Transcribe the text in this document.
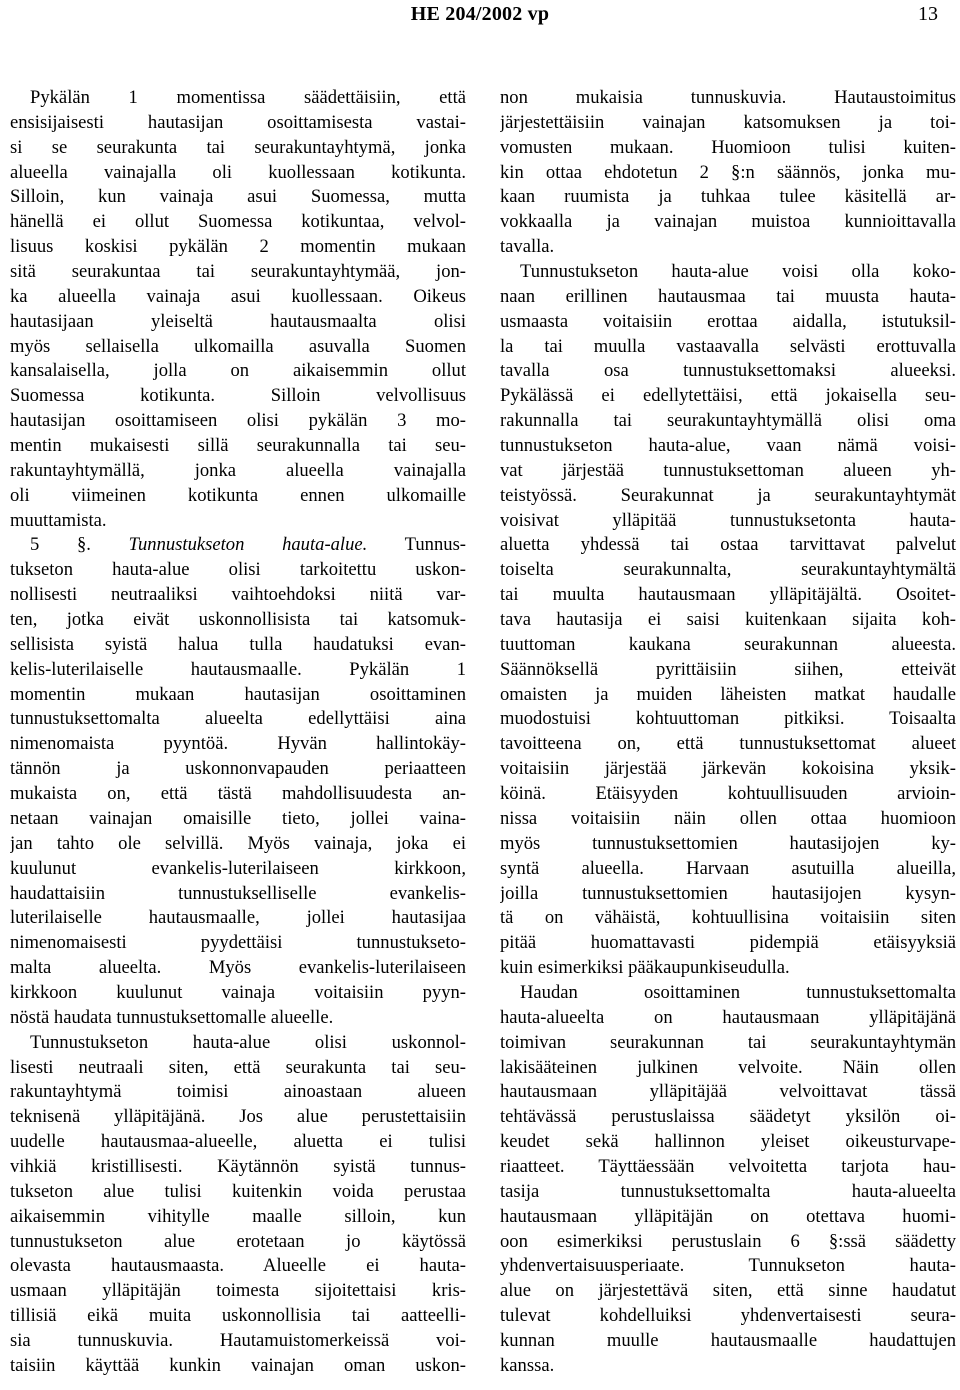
HE 204/2002 vp	13
Pykälän 1 momentissa säädettäisiin, että
ensisijaisesti hautasijan osoittamisesta vastai-
si se seurakunta tai seurakuntayhtymä, jonka
alueella vainajalla oli kuollessaan kotikunta.
Silloin, kun vainaja asui Suomessa, mutta
hänellä ei ollut Suomessa kotikuntaa, velvol-
lisuus koskisi pykälän 2 momentin mukaan
sitä seurakuntaa tai seurakuntayhtymää, jon-
ka alueella vainaja asui kuollessaan. Oikeus
hautasijaan yleiseltä hautausmaalta olisi
myös sellaisella ulkomailla asuvalla Suomen
kansalaisella, jolla on aikaisemmin ollut
Suomessa kotikunta. Silloin velvollisuus
hautasijan osoittamiseen olisi pykälän 3 mo-
mentin mukaisesti sillä seurakunnalla tai seu-
rakuntayhtymällä, jonka alueella vainajalla
oli viimeinen kotikunta ennen ulkomaille
muuttamista.
5 §. Tunnustukseton hauta-alue. Tunnus-
tukseton hauta-alue olisi tarkoitettu uskon-
nollisesti neutraaliksi vaihtoehdoksi niitä var-
ten, jotka eivät uskonnollisista tai katsomuk-
sellisista syistä halua tulla haudatuksi evan-
kelis-luterilaiselle hautausmaalle. Pykälän 1
momentin mukaan hautasijan osoittaminen
tunnustuksettomalta alueelta edellyttäisi aina
nimenomaista pyyntöä. Hyvän hallintokäy-
tännön ja uskonnonvapauden periaatteen
mukaista on, että tästä mahdollisuudesta an-
netaan vainajan omaisille tieto, jollei vaina-
jan tahto ole selvillä. Myös vainaja, joka ei
kuulunut evankelis-luterilaiseen kirkkoon,
haudattaisiin tunnustukselliselle evankelis-
luterilaiselle hautausmaalle, jollei hautasijaa
nimenomaisesti pyydettäisi tunnustukseto-
malta alueelta. Myös evankelis-luterilaiseen
kirkkoon kuulunut vainaja voitaisiin pyyn-
nöstä haudata tunnustuksettomalle alueelle.
Tunnustukseton hauta-alue olisi uskonnol-
lisesti neutraali siten, että seurakunta tai seu-
rakuntayhtymä toimisi ainoastaan alueen
teknisenä ylläpitäjänä. Jos alue perustettaisiin
uudelle hautausmaa-alueelle, aluetta ei tulisi
vihkiä kristillisesti. Käytännön syistä tunnus-
tukseton alue tulisi kuitenkin voida perustaa
aikaisemmin vihitylle maalle silloin, kun
tunnustukseton alue erotetaan jo käytössä
olevasta hautausmaasta. Alueelle ei hauta-
usmaan ylläpitäjän toimesta sijoitettaisi kris-
tillisiä eikä muita uskonnollisia tai aatteelli-
sia tunnuskuvia. Hautamuistomerkeissä voi-
taisiin käyttää kunkin vainajan oman uskon-
non mukaisia tunnuskuvia. Hautaustoimitus
järjestettäisiin vainajan katsomuksen ja toi-
vomusten mukaan. Huomioon tulisi kuiten-
kin ottaa ehdotetun 2 §:n säännös, jonka mu-
kaan ruumista ja tuhkaa tulee käsitellä ar-
vokkaalla ja vainajan muistoa kunnioittavalla
tavalla.
Tunnustukseton hauta-alue voisi olla koko-
naan erillinen hautausmaa tai muusta hauta-
usmaasta voitaisiin erottaa aidalla, istutuksil-
la tai muulla vastaavalla selvästi erottuvalla
tavalla osa tunnustuksettomaksi alueeksi.
Pykälässä ei edellytettäisi, että jokaisella seu-
rakunnalla tai seurakuntayhtymällä olisi oma
tunnustukseton hauta-alue, vaan nämä voisi-
vat järjestää tunnustuksettoman alueen yh-
teistyössä. Seurakunnat ja seurakuntayhtymät
voisivat ylläpitää tunnustuksetonta hauta-
aluetta yhdessä tai ostaa tarvittavat palvelut
toiselta seurakunnalta, seurakuntayhtymältä
tai muulta hautausmaan ylläpitäjältä. Osoitet-
tava hautasija ei saisi kuitenkaan sijaita koh-
tuuttoman kaukana seurakunnan alueesta.
Säännöksellä pyrittäisiin siihen, etteivät
omaisten ja muiden läheisten matkat haudalle
muodostuisi kohtuuttoman pitkiksi. Toisaalta
tavoitteena on, että tunnustuksettomat alueet
voitaisiin järjestää järkevän kokoisina yksik-
köinä. Etäisyyden kohtuullisuuden arvioin-
nissa voitaisiin näin ollen ottaa huomioon
myös tunnustuksettomien hautasijojen ky-
syntä alueella. Harvaan asutuilla alueilla,
joilla tunnustuksettomien hautasijojen kysyn-
tä on vähäistä, kohtuullisina voitaisiin siten
pitää huomattavasti pidempiä etäisyyksiä
kuin esimerkiksi pääkaupunkiseudulla.
Haudan osoittaminen tunnustuksettomalta
hauta-alueelta on hautausmaan ylläpitäjänä
toimivan seurakunnan tai seurakuntayhtymän
lakisääteinen julkinen velvoite. Näin ollen
hautausmaan ylläpitäjää velvoittavat tässä
tehtävässä perustuslaissa säädetyt yksilön oi-
keudet sekä hallinnon yleiset oikeusturvape-
riaatteet. Täyttäessään velvoitetta tarjota hau-
tasija tunnustuksettomalta hauta-alueelta
hautausmaan ylläpitäjän on otettava huomi-
oon esimerkiksi perustuslain 6 §:ssä säädetty
yhdenvertaisuusperiaate. Tunnukseton hauta-
alue on järjestettävä siten, että sinne haudatut
tulevat kohdelluiksi yhdenvertaisesti seura-
kunnan muulle hautausmaalle haudattujen
kanssa.
